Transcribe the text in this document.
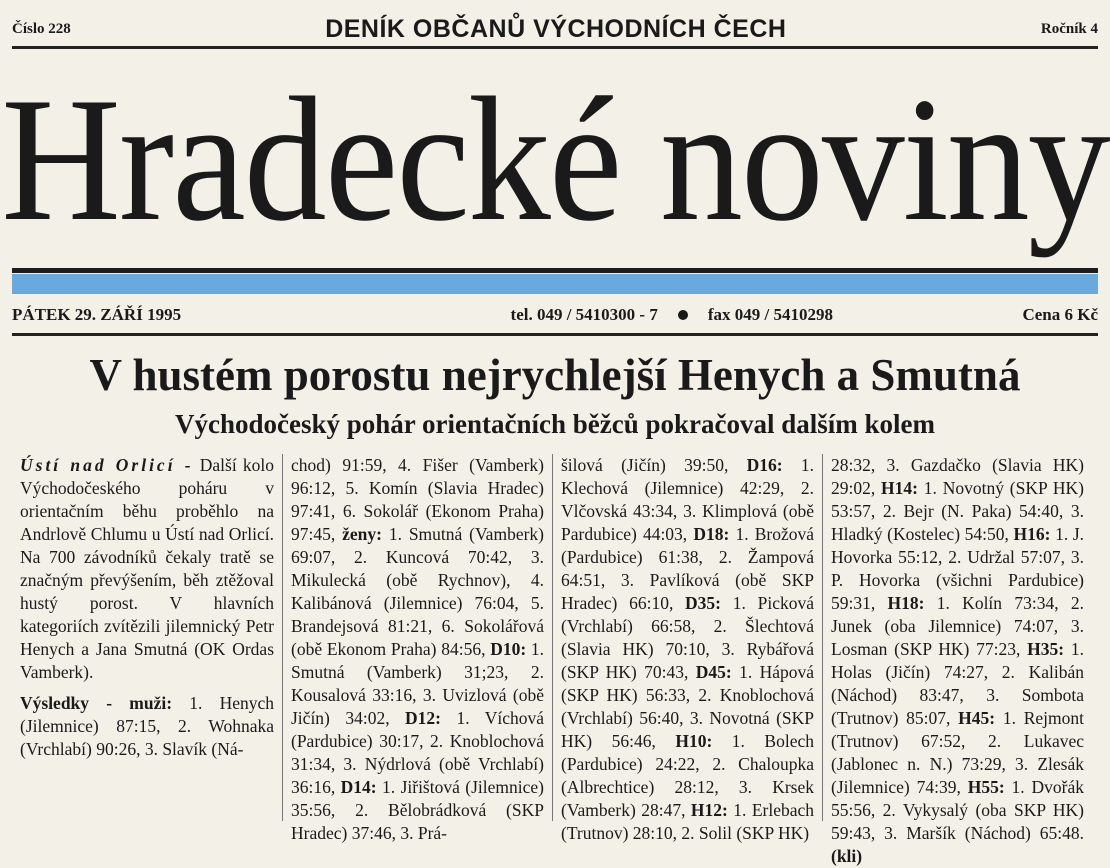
Číslo 228	DENÍK OBČANŮ VÝCHODNÍCH ČECH	Ročník 4
Hradecké noviny
PÁTEK 29. ZÁŘÍ 1995	tel. 049 / 5410300 - 7	fax 049 / 5410298	Cena 6 Kč
V hustém porostu nejrychlejší Henych a Smutná
Východočeský pohár orientačních běžců pokračoval dalším kolem

Ústí nad Orlicí - Další kolo Východočeského poháru v orientačním běhu proběhlo na Andrlově Chlumu u Ústí nad Orlicí. Na 700 závodníků čekaly tratě se značným převýšením, běh ztěžoval hustý porost. V hlavních kategoriích zvítězili jilemnický Petr Henych a Jana Smutná (OK Ordas Vamberk).

Výsledky - muži: 1. Henych (Jilemnice) 87:15, 2. Wohnaka (Vrchlabí) 90:26, 3. Slavík (Ná-

chod) 91:59, 4. Fišer (Vamberk) 96:12, 5. Komín (Slavia Hradec) 97:41, 6. Sokolář (Ekonom Praha) 97:45, ženy: 1. Smutná (Vamberk) 69:07, 2. Kuncová 70:42, 3. Mikulecká (obě Rychnov), 4. Kalibánová (Jilemnice) 76:04, 5. Brandejsová 81:21, 6. Sokolářová (obě Ekonom Praha) 84:56, D10: 1. Smutná (Vamberk) 31;23, 2. Kousalová 33:16, 3. Uvizlová (obě Jičín) 34:02, D12: 1. Víchová (Pardubice) 30:17, 2. Knoblochová 31:34, 3. Nýdrlová (obě Vrchlabí) 36:16, D14: 1. Jiřištová (Jilemnice) 35:56, 2. Bělobrádková (SKP Hradec) 37:46, 3. Prá-

šilová (Jičín) 39:50, D16: 1. Klechová (Jilemnice) 42:29, 2. Vlčovská 43:34, 3. Klimplová (obě Pardubice) 44:03, D18: 1. Brožová (Pardubice) 61:38, 2. Žampová 64:51, 3. Pavlíková (obě SKP Hradec) 66:10, D35: 1. Picková (Vrchlabí) 66:58, 2. Šlechtová (Slavia HK) 70:10, 3. Rybářová (SKP HK) 70:43, D45: 1. Hápová (SKP HK) 56:33, 2. Knoblochová (Vrchlabí) 56:40, 3. Novotná (SKP HK) 56:46, H10: 1. Bolech (Pardubice) 24:22, 2. Chaloupka (Albrechtice) 28:12, 3. Krsek (Vamberk) 28:47, H12: 1. Erlebach (Trutnov) 28:10, 2. Solil (SKP HK)

28:32, 3. Gazdačko (Slavia HK) 29:02, H14: 1. Novotný (SKP HK) 53:57, 2. Bejr (N. Paka) 54:40, 3. Hladký (Kostelec) 54:50, H16: 1. J. Hovorka 55:12, 2. Udržal 57:07, 3. P. Hovorka (všichni Pardubice) 59:31, H18: 1. Kolín 73:34, 2. Junek (oba Jilemnice) 74:07, 3. Losman (SKP HK) 77:23, H35: 1. Holas (Jičín) 74:27, 2. Kalibán (Náchod) 83:47, 3. Sombota (Trutnov) 85:07, H45: 1. Rejmont (Trutnov) 67:52, 2. Lukavec (Jablonec n. N.) 73:29, 3. Zlesák (Jilemnice) 74:39, H55: 1. Dvořák 55:56, 2. Vykysalý (oba SKP HK) 59:43, 3. Maršík (Náchod) 65:48. (kli)
